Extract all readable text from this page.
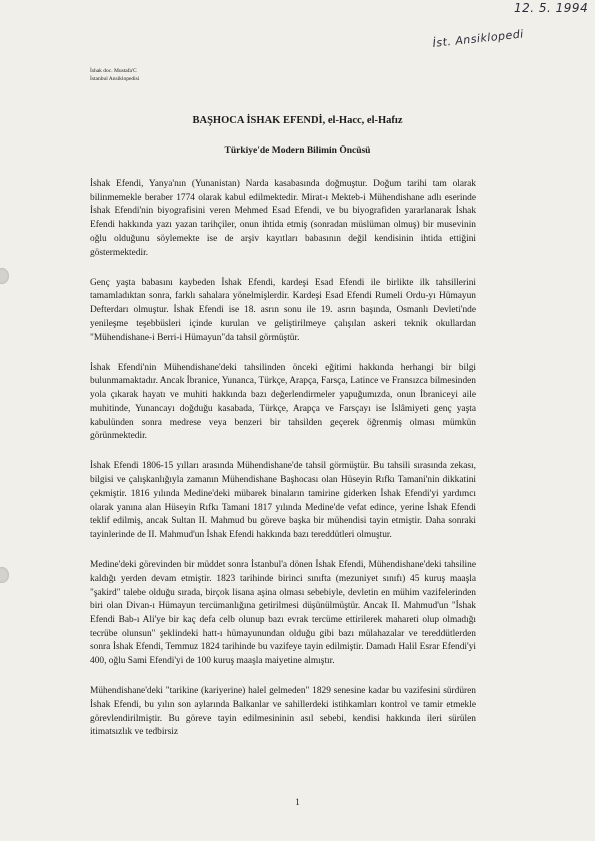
12. 5. 1994
İst. Ansiklopedi
İshak doc. Mustafa'C
İstanbul Ansiklopedisi
BAŞHOCA İSHAK EFENDİ, el-Hacc, el-Hafız
Türkiye'de Modern Bilimin Öncüsü

İshak Efendi, Yanya'nın (Yunanistan) Narda kasabasında doğmuştur. Doğum tarihi tam olarak bilinmemekle beraber 1774 olarak kabul edilmektedir. Mirat-ı Mekteb-i Mühendishane adlı eserinde İshak Efendi'nin biyografisini veren Mehmed Esad Efendi, ve bu biyografiden yararlanarak İshak Efendi hakkında yazı yazan tarihçiler, onun ihtida etmiş (sonradan müslüman olmuş) bir musevinin oğlu olduğunu söylemekte ise de arşiv kayıtları babasının değil kendisinin ihtida ettiğini göstermektedir.

Genç yaşta babasını kaybeden İshak Efendi, kardeşi Esad Efendi ile birlikte ilk tahsillerini tamamladıktan sonra, farklı sahalara yönelmişlerdir. Kardeşi Esad Efendi Rumeli Ordu-yı Hümayun Defterdarı olmuştur. İshak Efendi ise 18. asrın sonu ile 19. asrın başında, Osmanlı Devleti'nde yenileşme teşebbüsleri içinde kurulan ve geliştirilmeye çalışılan askeri teknik okullardan "Mühendishane-i Berri-i Hümayun"da tahsil görmüştür.

İshak Efendi'nin Mühendishane'deki tahsilinden önceki eğitimi hakkında herhangi bir bilgi bulunmamaktadır. Ancak İbranice, Yunanca, Türkçe, Arapça, Farsça, Latince ve Fransızca bilmesinden yola çıkarak hayatı ve muhiti hakkında bazı değerlendirmeler yapuğumızda, onun İbraniceyi aile muhitinde, Yunancayı doğduğu kasabada, Türkçe, Arapça ve Farsçayı ise İslâmiyeti genç yaşta kabulünden sonra medrese veya benzeri bir tahsilden geçerek öğrenmiş olması mümkün görünmektedir.

İshak Efendi 1806-15 yılları arasında Mühendishane'de tahsil görmüştür. Bu tahsili sırasında zekası, bilgisi ve çalışkanlığıyla zamanın Mühendishane Başhocası olan Hüseyin Rıfkı Tamani'nin dikkatini çekmiştir. 1816 yılında Medine'deki mübarek binaların tamirine giderken İshak Efendi'yi yardımcı olarak yanına alan Hüseyin Rıfkı Tamani 1817 yılında Medine'de vefat edince, yerine İshak Efendi teklif edilmiş, ancak Sultan II. Mahmud bu göreve başka bir mühendisi tayin etmiştir. Daha sonraki tayinlerinde de II. Mahmud'un İshak Efendi hakkında bazı tereddütleri olmuştur.

Medine'deki görevinden bir müddet sonra İstanbul'a dönen İshak Efendi, Mühendishane'deki tahsiline kaldığı yerden devam etmiştir. 1823 tarihinde birinci sınıfta (mezuniyet sınıfı) 45 kuruş maaşla "şakird" talebe olduğu sırada, birçok lisana aşina olması sebebiyle, devletin en mühim vazifelerinden biri olan Divan-ı Hümayun tercümanlığına getirilmesi düşünülmüştür. Ancak II. Mahmud'un "İshak Efendi Bab-ı Ali'ye bir kaç defa celb olunup bazı evrak tercüme ettirilerek mahareti olup olmadığı tecrübe olunsun" şeklindeki hatt-ı hümayunundan olduğu gibi bazı mülahazalar ve tereddütlerden sonra İshak Efendi, Temmuz 1824 tarihinde bu vazifeye tayin edilmiştir. Damadı Halil Esrar Efendi'yi 400, oğlu Sami Efendi'yi de 100 kuruş maaşla maiyetine almıştır.

Mühendishane'deki "tarikine (kariyerine) halel gelmeden" 1829 senesine kadar bu vazifesini sürdüren İshak Efendi, bu yılın son aylarında Balkanlar ve sahillerdeki istihkamları kontrol ve tamir etmekle görevlendirilmiştir. Bu göreve tayin edilmesininin asıl sebebi, kendisi hakkında ileri sürülen itimatsızlık ve tedbirsiz

1
